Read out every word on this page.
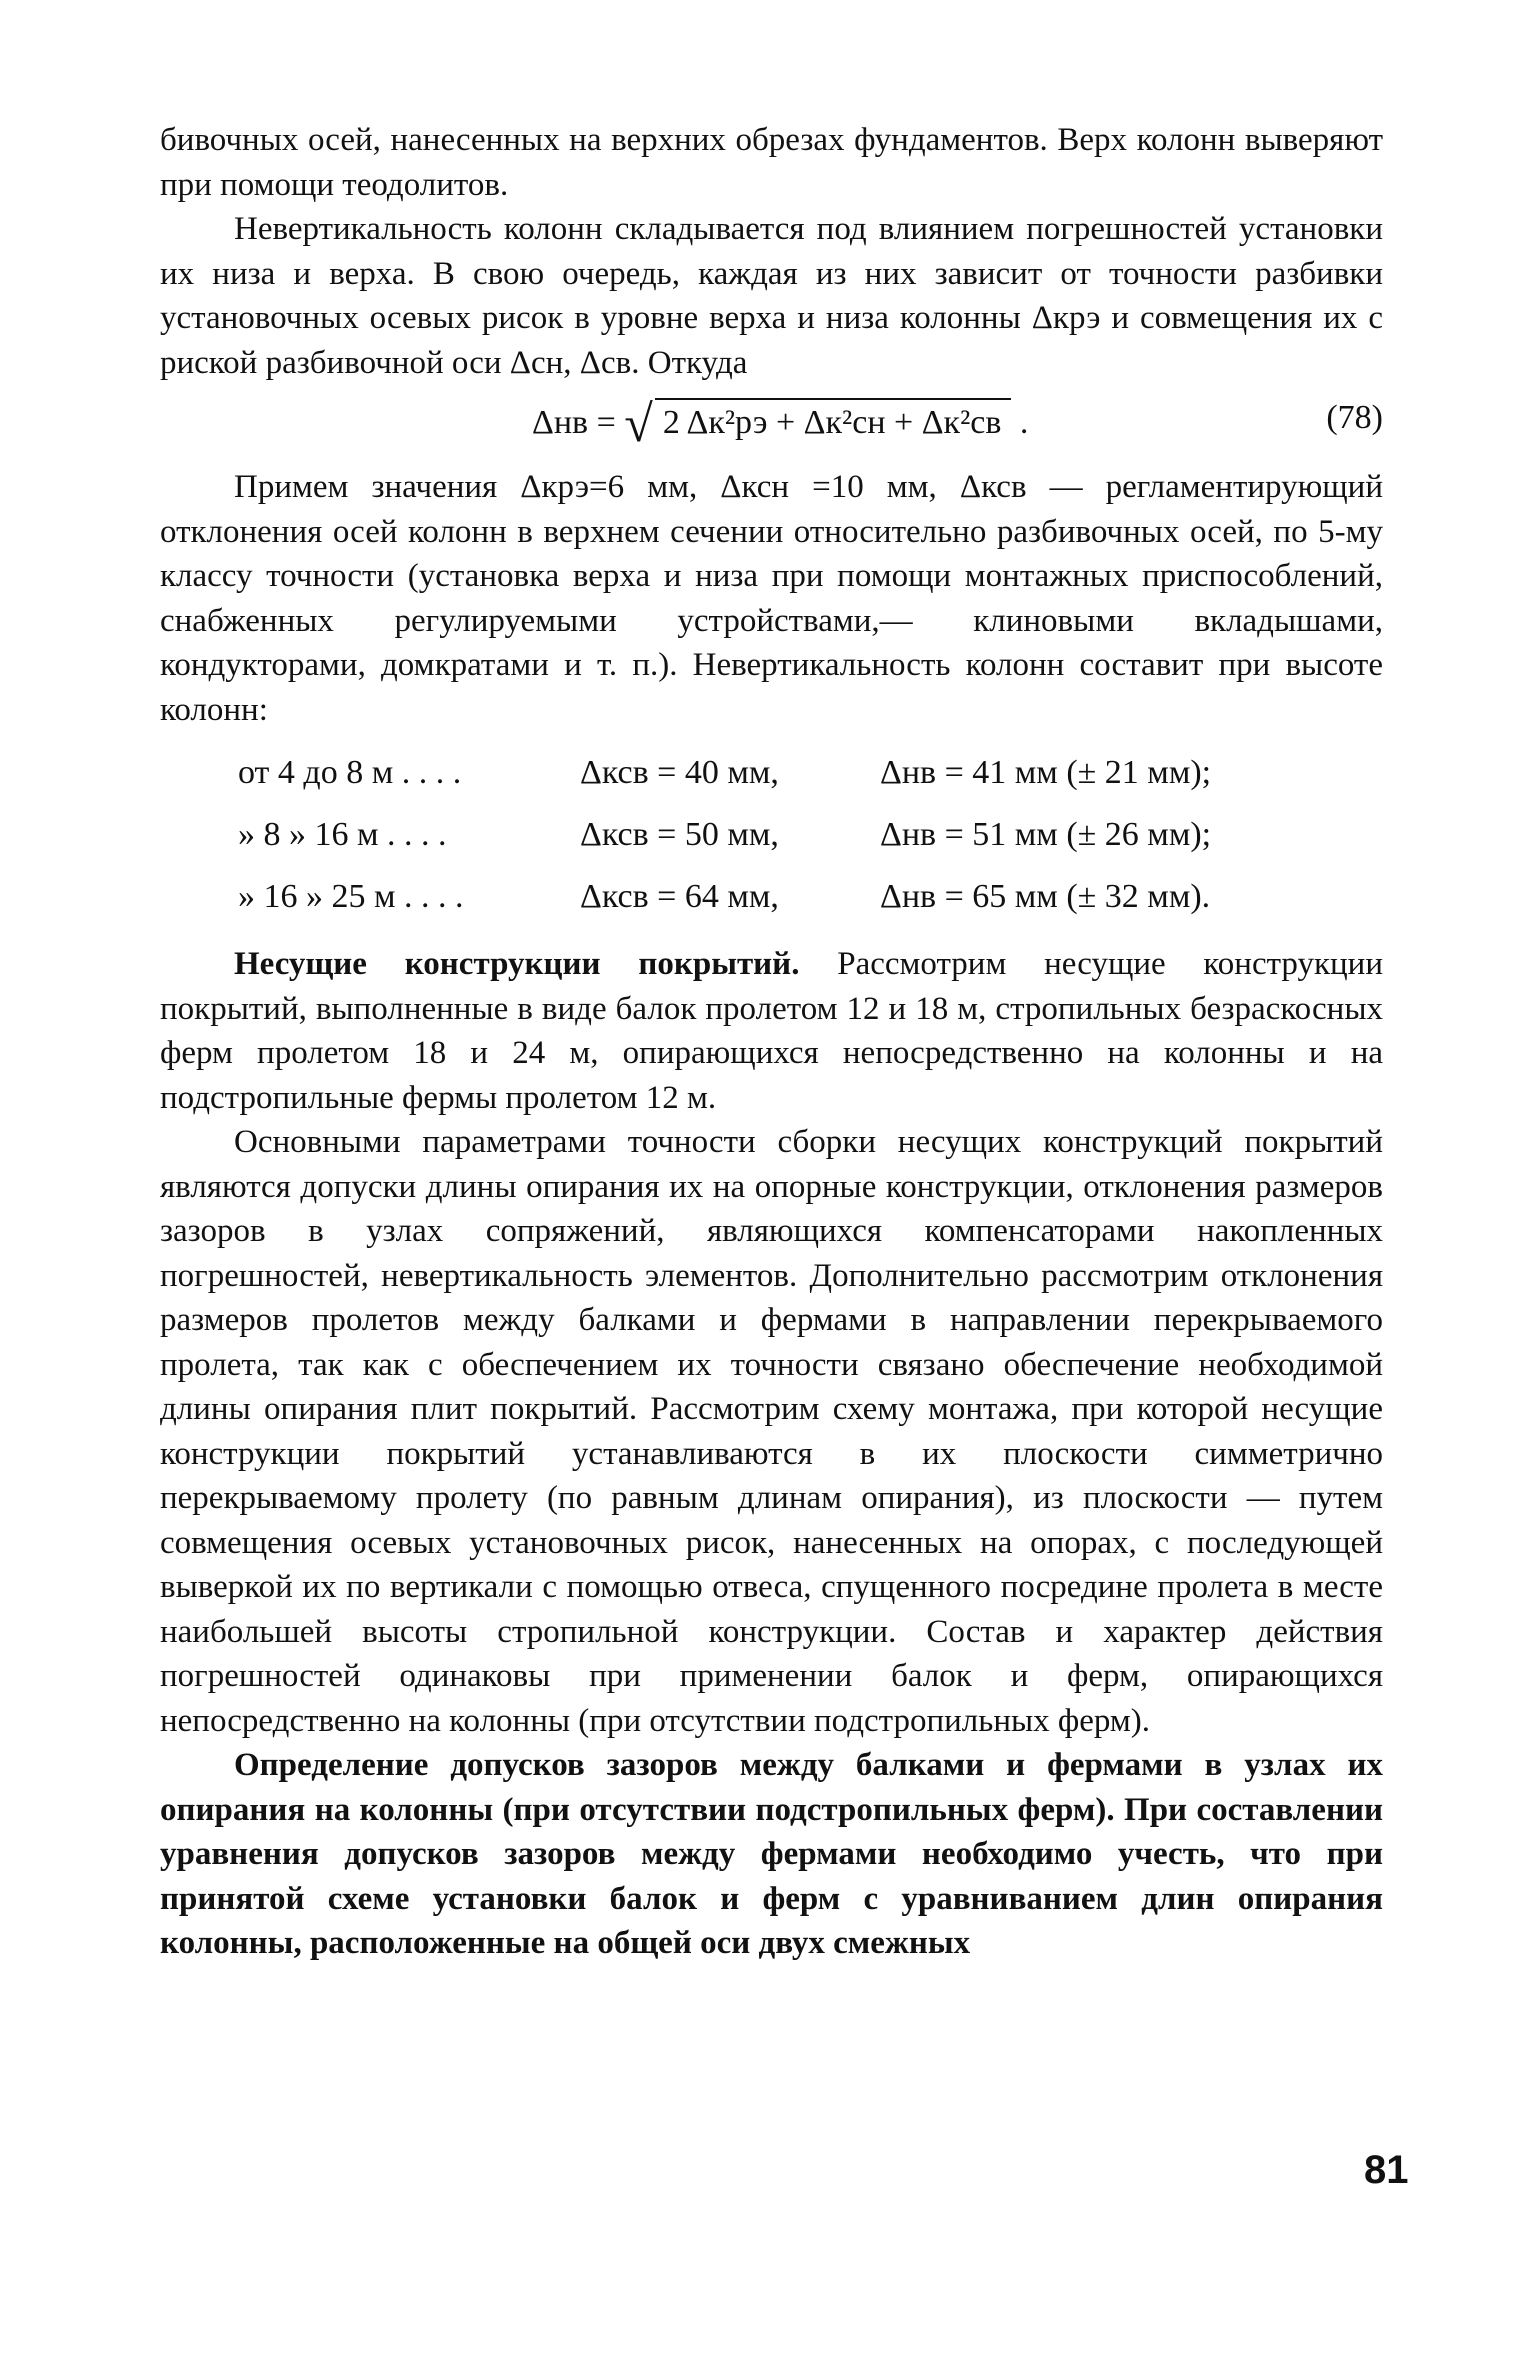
бивочных осей, нанесенных на верхних обрезах фундаментов. Верх колонн выверяют при помощи теодолитов.

Невертикальность колонн складывается под влиянием погрешностей установки их низа и верха. В свою очередь, каждая из них зависит от точности разбивки установочных осевых рисок в уровне верха и низа колонны Δкрэ и совмещения их с риской разбивочной оси Δсн, Δсв. Откуда

Δнв = √ 2 Δк²рэ + Δк²сн + Δк²св .	(78)

Примем значения Δкрэ=6 мм, Δксн =10 мм, Δксв — регламентирующий отклонения осей колонн в верхнем сечении относительно разбивочных осей, по 5-му классу точности (установка верха и низа при помощи монтажных приспособлений, снабженных регулируемыми устройствами,— клиновыми вкладышами, кондукторами, домкратами и т. п.). Невертикальность колонн составит при высоте колонн:

от 4 до 8 м . . . .	Δксв = 40 мм,	Δнв = 41 мм (± 21 мм);
» 8 » 16 м . . . .	Δксв = 50 мм,	Δнв = 51 мм (± 26 мм);
» 16 » 25 м . . . .	Δксв = 64 мм,	Δнв = 65 мм (± 32 мм).

Несущие конструкции покрытий. Рассмотрим несущие конструкции покрытий, выполненные в виде балок пролетом 12 и 18 м, стропильных безраскосных ферм пролетом 18 и 24 м, опирающихся непосредственно на колонны и на подстропильные фермы пролетом 12 м.

Основными параметрами точности сборки несущих конструкций покрытий являются допуски длины опирания их на опорные конструкции, отклонения размеров зазоров в узлах сопряжений, являющихся компенсаторами накопленных погрешностей, невертикальность элементов. Дополнительно рассмотрим отклонения размеров пролетов между балками и фермами в направлении перекрываемого пролета, так как с обеспечением их точности связано обеспечение необходимой длины опирания плит покрытий. Рассмотрим схему монтажа, при которой несущие конструкции покрытий устанавливаются в их плоскости симметрично перекрываемому пролету (по равным длинам опирания), из плоскости — путем совмещения осевых установочных рисок, нанесенных на опорах, с последующей выверкой их по вертикали с помощью отвеса, спущенного посредине пролета в месте наибольшей высоты стропильной конструкции. Состав и характер действия погрешностей одинаковы при применении балок и ферм, опирающихся непосредственно на колонны (при отсутствии подстропильных ферм).

Определение допусков зазоров между балками и фермами в узлах их опирания на колонны (при отсутствии подстропильных ферм). При составлении уравнения допусков зазоров между фермами необходимо учесть, что при принятой схеме установки балок и ферм с уравниванием длин опирания колонны, расположенные на общей оси двух смежных

81
